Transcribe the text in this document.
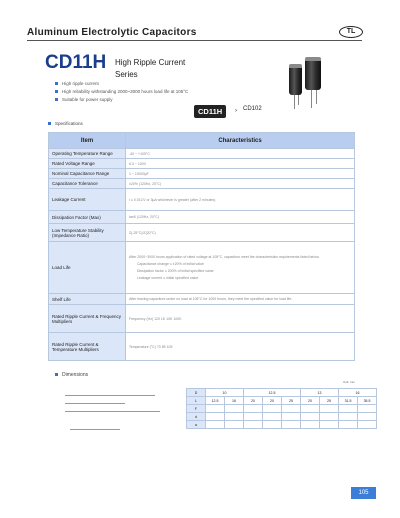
Aluminum Electrolytic Capacitors	TL
CD11H High Ripple Current
Series
High ripple current
High reliability withstanding 2000~3000 hours load life at 105°C
Suitable for power supply
CD11H	› CD102
Specifications
Item	Characteristics
Operating Temperature Range	-40 ~ +105°C
Rated Voltage Range	6.3 ~ 100V
Nominal Capacitance Range	1 ~ 15000µF
Capacitance Tolerance	±20% (120Hz, 20°C)
Leakage Current	I ≤ 0.01CV or 3µA whichever is greater (after 2 minutes)
Dissipation Factor (Max)	tanδ (120Hz, 20°C)
Low Temperature Stability (Impedance Ratio)	Z(-25°C)/Z(20°C)
Load Life	After 2000~3000 hours application of rated voltage at 105°C, capacitors meet the characteristics requirements listed below.
Capacitance change ≤ ±20% of initial value
Dissipation factor ≤ 200% of initial specified value
Leakage current ≤ initial specified value

Shelf Life	After leaving capacitors under no load at 105°C for 1000 hours, they meet the specified value for load life.
Rated Ripple Current & Frequency Multipliers	Frequency (Hz) 120 1K 10K 100K
Rated Ripple Current & Temperature Multipliers	Temperature (°C) 70 85 105
Dimensions
Unit: mm
D	10		12.5			13		16	
L	12.5	16	20	20	25	20	25	31.5	35.5
F									
d									
a									
105
